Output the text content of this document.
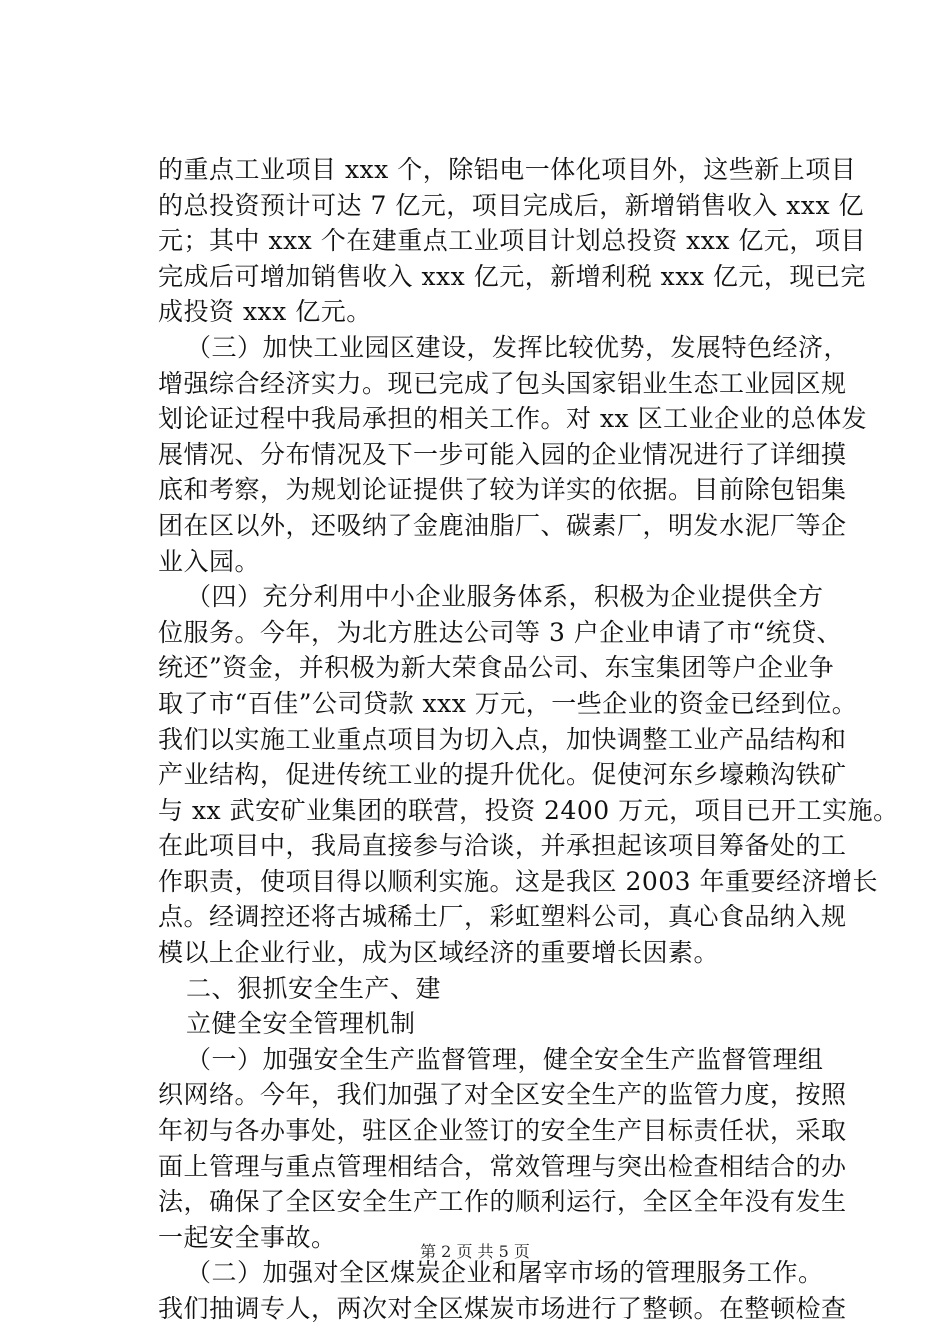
的重点工业项目 xxx 个，除铝电一体化项目外，这些新上项目
的总投资预计可达 7 亿元，项目完成后，新增销售收入 xxx 亿
元；其中 xxx 个在建重点工业项目计划总投资 xxx 亿元，项目
完成后可增加销售收入 xxx 亿元，新增利税 xxx 亿元，现已完
成投资 xxx 亿元。
（三）加快工业园区建设，发挥比较优势，发展特色经济，
增强综合经济实力。现已完成了包头国家铝业生态工业园区规
划论证过程中我局承担的相关工作。对 xx 区工业企业的总体发
展情况、分布情况及下一步可能入园的企业情况进行了详细摸
底和考察，为规划论证提供了较为详实的依据。目前除包铝集
团在区以外，还吸纳了金鹿油脂厂、碳素厂，明发水泥厂等企
业入园。
（四）充分利用中小企业服务体系，积极为企业提供全方
位服务。今年，为北方胜达公司等 3 户企业申请了市“统贷、
统还”资金，并积极为新大荣食品公司、东宝集团等户企业争
取了市“百佳”公司贷款 xxx 万元，一些企业的资金已经到位。
我们以实施工业重点项目为切入点，加快调整工业产品结构和
产业结构，促进传统工业的提升优化。促使河东乡壕赖沟铁矿
与 xx 武安矿业集团的联营，投资 2400 万元，项目已开工实施。
在此项目中，我局直接参与洽谈，并承担起该项目筹备处的工
作职责，使项目得以顺利实施。这是我区 2003 年重要经济增长
点。经调控还将古城稀土厂，彩虹塑料公司，真心食品纳入规
模以上企业行业，成为区域经济的重要增长因素。
二、狠抓安全生产、建
立健全安全管理机制
（一）加强安全生产监督管理，健全安全生产监督管理组
织网络。今年，我们加强了对全区安全生产的监管力度，按照
年初与各办事处，驻区企业签订的安全生产目标责任状，采取
面上管理与重点管理相结合，常效管理与突出检查相结合的办
法，确保了全区安全生产工作的顺利运行，全区全年没有发生
一起安全事故。
（二）加强对全区煤炭企业和屠宰市场的管理服务工作。
我们抽调专人，两次对全区煤炭市场进行了整顿。在整顿检查
第 2 页 共 5 页
